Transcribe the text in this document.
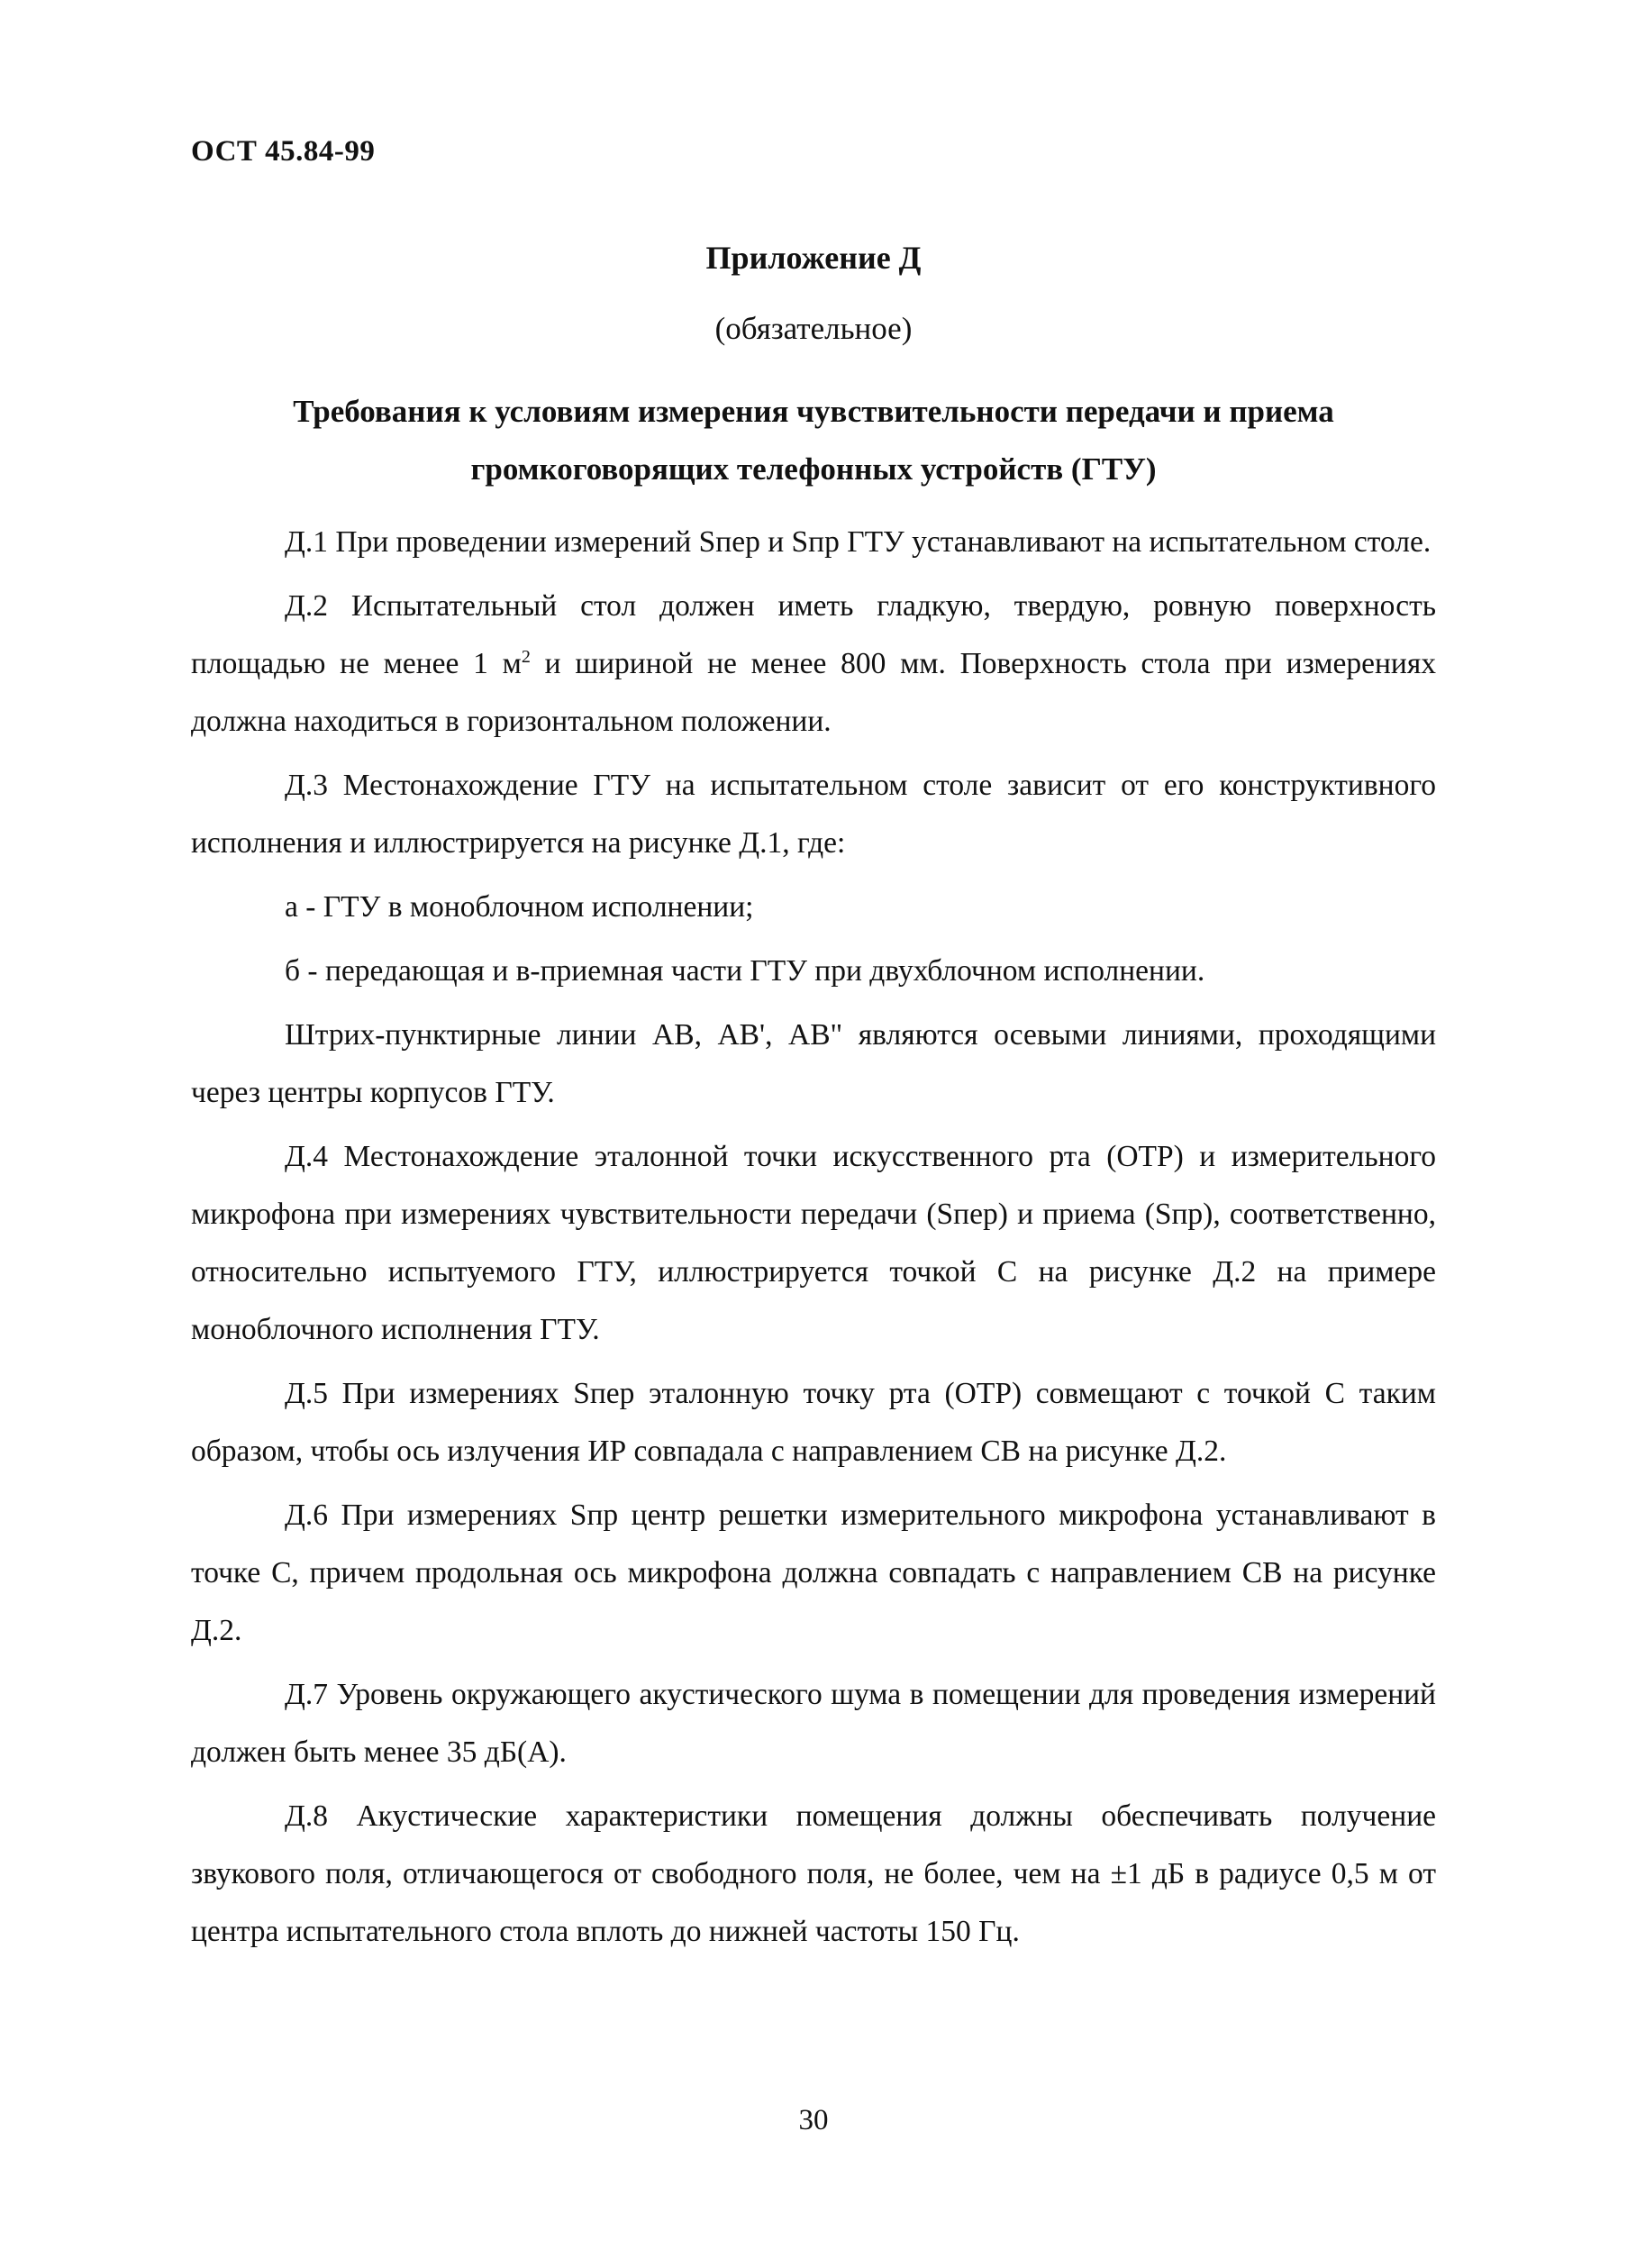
ОСТ 45.84-99
Приложение Д
(обязательное)
Требования к условиям измерения чувствительности передачи и приема громкоговорящих телефонных устройств (ГТУ)

Д.1 При проведении измерений Sпер и Sпр ГТУ устанавливают на испытательном столе.

Д.2 Испытательный стол должен иметь гладкую, твердую, ровную поверхность площадью не менее 1 $м^2$ и шириной не менее 800 мм. Поверхность стола при измерениях должна находиться в горизонтальном положении.

Д.3 Местонахождение ГТУ на испытательном столе зависит от его конструктивного исполнения и иллюстрируется на рисунке Д.1, где:

а - ГТУ в моноблочном исполнении;

б - передающая и в-приемная части ГТУ при двухблочном исполнении.

Штрих-пунктирные линии АВ, АВ', АВ" являются осевыми линиями, проходящими через центры корпусов ГТУ.

Д.4 Местонахождение эталонной точки искусственного рта (ОТР) и измерительного микрофона при измерениях чувствительности передачи (Sпер) и приема (Sпр), соответственно, относительно испытуемого ГТУ, иллюстрируется точкой С на рисунке Д.2 на примере моноблочного исполнения ГТУ.

Д.5 При измерениях Sпер эталонную точку рта (ОТР) совмещают с точкой С таким образом, чтобы ось излучения ИР совпадала с направлением СВ на рисунке Д.2.

Д.6 При измерениях Sпр центр решетки измерительного микрофона устанавливают в точке С, причем продольная ось микрофона должна совпадать с направлением СВ на рисунке Д.2.

Д.7 Уровень окружающего акустического шума в помещении для проведения измерений должен быть менее 35 дБ(А).

Д.8 Акустические характеристики помещения должны обеспечивать получение звукового поля, отличающегося от свободного поля, не более, чем на ±1 дБ в радиусе 0,5 м от центра испытательного стола вплоть до нижней частоты 150 Гц.

30
